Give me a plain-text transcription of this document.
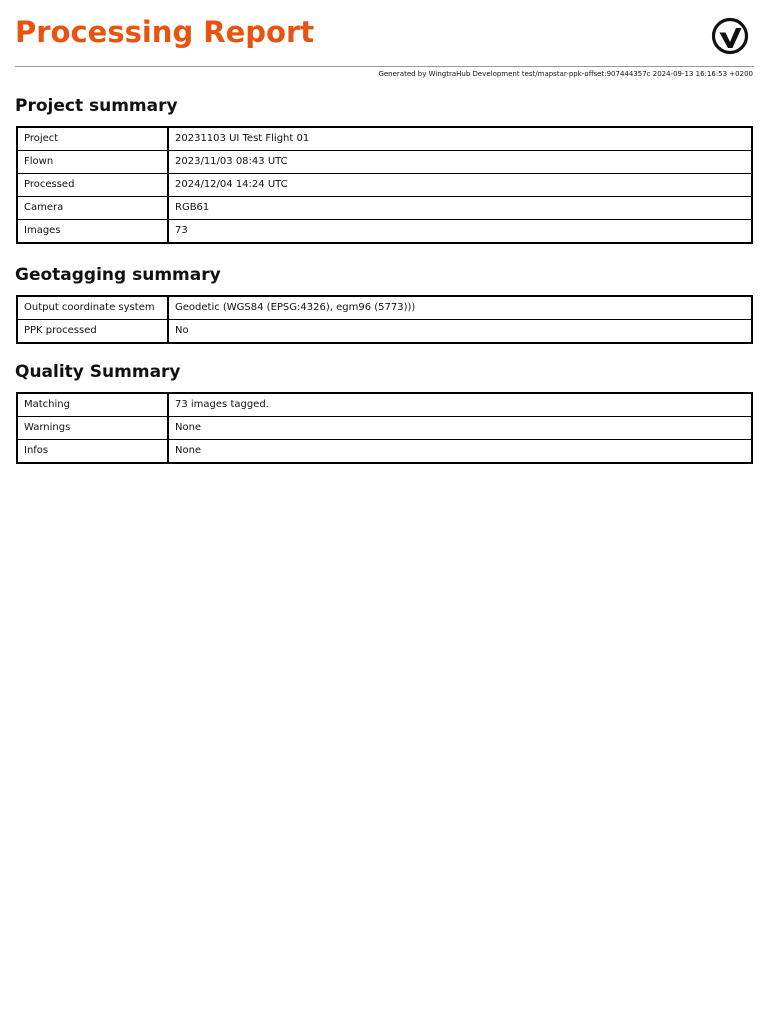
Processing Report
Generated by WingtraHub Development test/mapstar-ppk-offset:907444357c 2024-09-13 16:16:53 +0200
Project summary
Project	20231103 UI Test Flight 01
Flown	2023/11/03 08:43 UTC
Processed	2024/12/04 14:24 UTC
Camera	RGB61
Images	73
Geotagging summary
Output coordinate system	Geodetic (WGS84 (EPSG:4326), egm96 (5773)))
PPK processed	No
Quality Summary
Matching	73 images tagged.
Warnings	None
Infos	None
